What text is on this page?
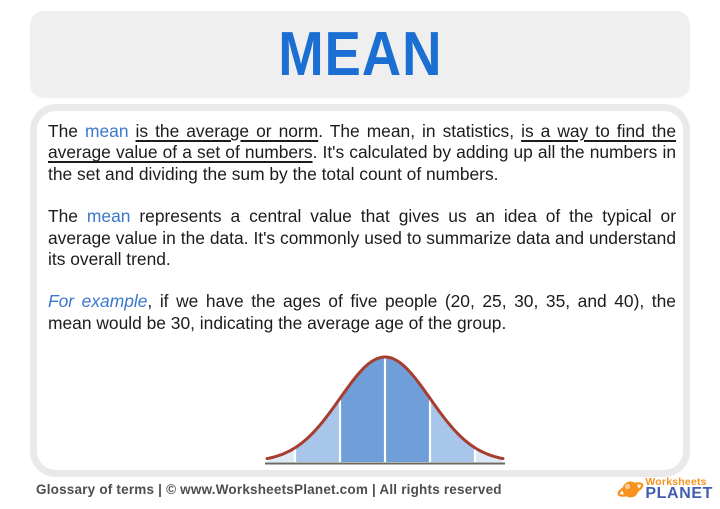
MEAN

The mean is the average or norm. The mean, in statistics, is a way to find the average value of a set of numbers. It's calculated by adding up all the numbers in the set and dividing the sum by the total count of numbers.

The mean represents a central value that gives us an idea of the typical or average value in the data. It's commonly used to summarize data and understand its overall trend.

For example, if we have the ages of five people (20, 25, 30, 35, and 40), the mean would be 30, indicating the average age of the group.

Glossary of terms | © www.WorksheetsPlanet.com | All rights reserved
Worksheets
PLANET
